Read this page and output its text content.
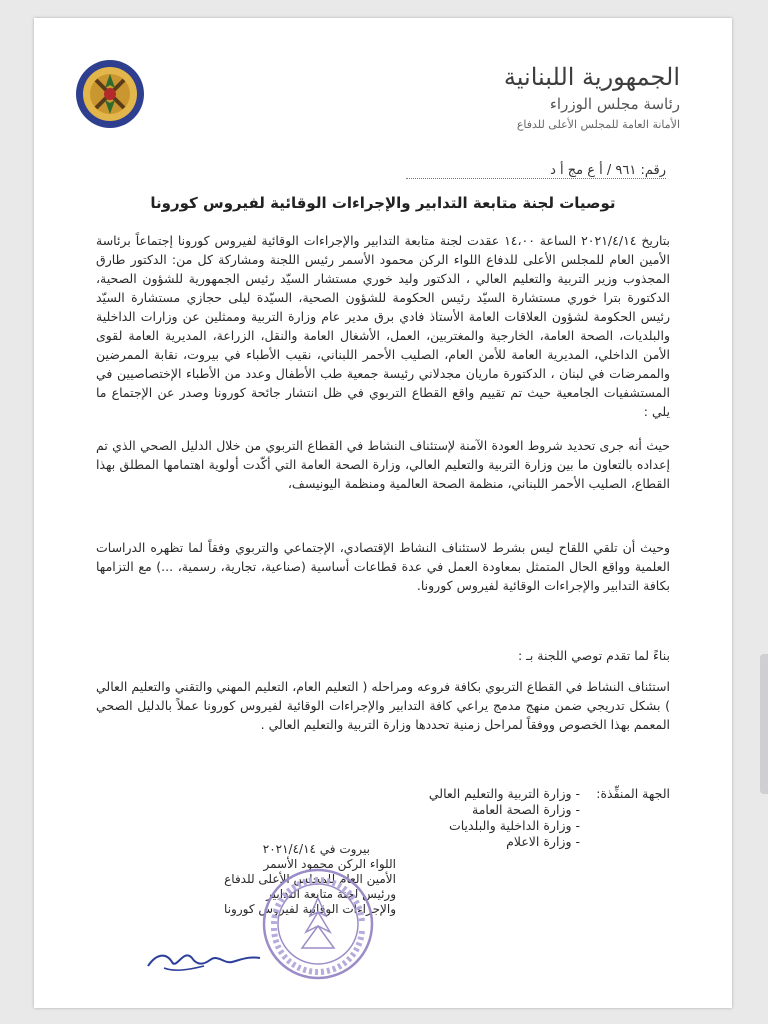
الجمهورية اللبنانية
رئاسة مجلس الوزراء
الأمانة العامة للمجلس الأعلى للدفاع
رقم: ٩٦١ / أ ع مج أ د
توصيات لجنة متابعة التدابير والإجراءات الوقائية لفيروس كورونا
بتاريخ ٢٠٢١/٤/١٤ الساعة ١٤،٠٠ عقدت لجنة متابعة التدابير والإجراءات الوقائية لفيروس كورونا إجتماعاً برئاسة الأمين العام للمجلس الأعلى للدفاع اللواء الركن محمود الأسمر رئيس اللجنة ومشاركة كل من: الدكتور طارق المجذوب وزير التربية والتعليم العالي ، الدكتور وليد خوري مستشار السيّد رئيس الجمهورية للشؤون الصحية، الدكتورة بترا خوري مستشارة السيّد رئيس الحكومة للشؤون الصحية، السيّدة ليلى حجازي مستشارة السيّد رئيس الحكومة لشؤون العلاقات العامة الأستاذ فادي برق مدير عام وزارة التربية وممثلين عن وزارات الداخلية والبلديات، الصحة العامة، الخارجية والمغتربين، العمل، الأشغال العامة والنقل، الزراعة، المديرية العامة لقوى الأمن الداخلي، المديرية العامة للأمن العام، الصليب الأحمر اللبناني، نقيب الأطباء في بيروت، نقابة الممرضين والممرضات في لبنان ، الدكتورة ماريان مجدلاني رئيسة جمعية طب الأطفال وعدد من الأطباء الإختصاصيين في المستشفيات الجامعية حيث تم تقييم واقع القطاع التربوي في ظل انتشار جائحة كورونا وصدر عن الإجتماع ما يلي :
حيث أنه جرى تحديد شروط العودة الآمنة لإستئناف النشاط في القطاع التربوي من خلال الدليل الصحي الذي تم إعداده بالتعاون ما بين وزارة التربية والتعليم العالي، وزارة الصحة العامة التي أكّدت أولوية اهتمامها المطلق بهذا القطاع، الصليب الأحمر اللبناني، منظمة الصحة العالمية ومنظمة اليونيسف،
وحيث أن تلقي اللقاح ليس بشرط لاستئناف النشاط الإقتصادي، الإجتماعي والتربوي وفقاً لما تظهره الدراسات العلمية وواقع الحال المتمثل بمعاودة العمل في عدة قطاعات أساسية (صناعية، تجارية، رسمية، ...) مع التزامها بكافة التدابير والإجراءات الوقائية لفيروس كورونا.
بناءً لما تقدم توصي اللجنة بـ :
استئناف النشاط في القطاع التربوي بكافة فروعه ومراحله ( التعليم العام، التعليم المهني والتقني والتعليم العالي ) بشكل تدريجي ضمن منهج مدمج يراعي كافة التدابير والإجراءات الوقائية لفيروس كورونا عملاً بالدليل الصحي المعمم بهذا الخصوص ووفقاً لمراحل زمنية تحددها وزارة التربية والتعليم العالي .
الجهة المنفِّذة:
- وزارة التربية والتعليم العالي
- وزارة الصحة العامة
- وزارة الداخلية والبلديات
- وزارة الاعلام
بيروت في ٢٠٢١/٤/١٤
اللواء الركن محمود الأسمر
الأمين العام للمجلس الأعلى للدفاع
ورئيس لجنة متابعة التدابير
والإجراءات الوقائية لفيروس كورونا
